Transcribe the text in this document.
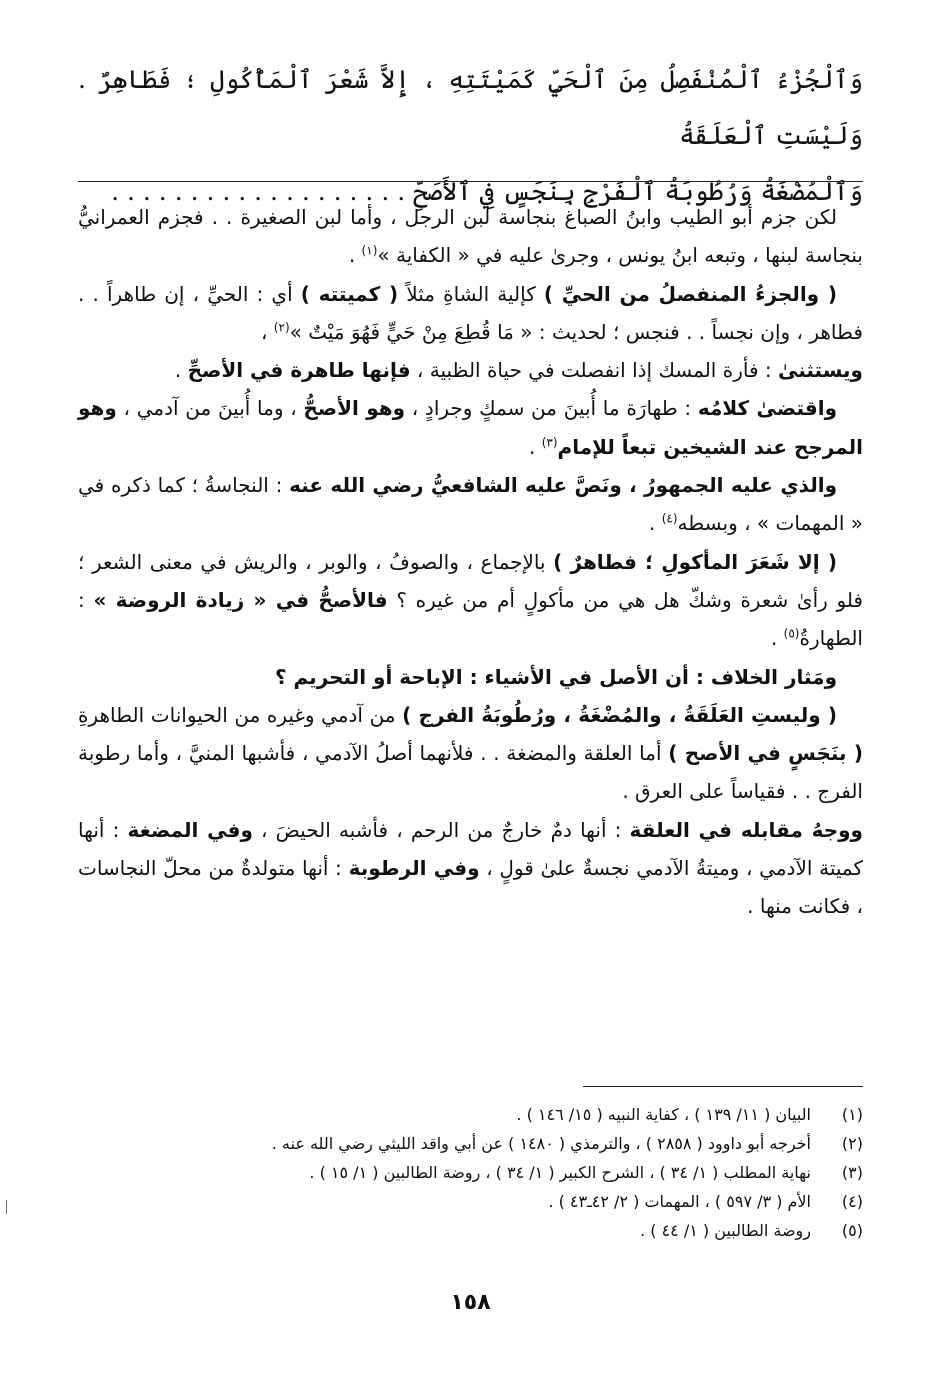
وَٱلْجُزْءُ ٱلْمُنْفَصِلُ مِنَ ٱلْحَيِّ كَمَيْتَتِهِ ، إِلاَّ شَعْرَ ٱلْمَأْكُولِ ؛ فَطَاهِرٌ . وَلَيْسَتِ ٱلْعَلَقَةُ
وَٱلْمُضْغَةُ وَرُطُوبَةُ ٱلْفَرْجِ بِنَجَسٍ فِي ٱلأَصَحِّ . . . . . . . . . . . . . . . . . . .

لكن جزم أبو الطيب وابنُ الصباغ بنجاسة لبن الرجل ، وأما لبن الصغيرة . . فجزم العمرانيُّ بنجاسة لبنها ، وتبعه ابنُ يونس ، وجرىٰ عليه في « الكفاية »$^{(١)}$ .

( والجزءُ المنفصلُ من الحيِّ ) كإلية الشاةِ مثلاً ( كميتته ) أي : الحيِّ ، إن طاهراً . . فطاهر ، وإن نجساً . . فنجس ؛ لحديث : « مَا قُطِعَ مِنْ حَيٍّ فَهُوَ مَيْتٌ »$^{(٢)}$ ،

ويستثنىٰ : فأرة المسك إذا انفصلت في حياة الظبية ، فإنها طاهرة في الأصحِّ .

واقتضىٰ كلامُه : طهارَة ما أُبينَ من سمكٍ وجرادٍ ، وهو الأصحُّ ، وما أُبينَ من آدمي ، وهو المرجح عند الشيخين تبعاً للإمام$^{(٣)}$ .

والذي عليه الجمهورُ ، ونَصَّ عليه الشافعيُّ رضي الله عنه : النجاسةُ ؛ كما ذكره في « المهمات » ، وبسطه$^{(٤)}$ .

( إلا شَعَرَ المأكولِ ؛ فطاهرٌ ) بالإجماع ، والصوفُ ، والوبر ، والريش في معنى الشعر ؛ فلو رأىٰ شعرة وشكّ هل هي من مأكولٍ أم من غيره ؟ فالأصحُّ في « زيادة الروضة » : الطهارةُ$^{(٥)}$ .

ومَثار الخلاف : أن الأصل في الأشياء : الإباحة أو التحريم ؟

( وليستِ العَلَقَةُ ، والمُضْغَةُ ، ورُطُوبَةُ الفرج ) من آدمي وغيره من الحيوانات الطاهرةِ ( بنَجَسٍ في الأصح ) أما العلقة والمضغة . . فلأنهما أصلُ الآدمي ، فأشبها المنيَّ ، وأما رطوبة الفرج . . فقياساً على العرق .

ووجهُ مقابله في العلقة : أنها دمٌ خارجٌ من الرحم ، فأشبه الحيضَ ، وفي المضغة : أنها كميتة الآدمي ، وميتةُ الآدمي نجسةٌ علىٰ قولٍ ، وفي الرطوبة : أنها متولدةٌ من محلّ النجاسات ، فكانت منها .

(١)
البيان ( ١١/ ١٣٩ ) ، كفاية النبيه ( ١٥/ ١٤٦ ) .
(٢)
أخرجه أبو داوود ( ٢٨٥٨ ) ، والترمذي ( ١٤٨٠ ) عن أبي واقد الليثي رضي الله عنه .
(٣)
نهاية المطلب ( ١/ ٣٤ ) ، الشرح الكبير ( ١/ ٣٤ ) ، روضة الطالبين ( ١/ ١٥ ) .
(٤)
الأم ( ٣/ ٥٩٧ ) ، المهمات ( ٢/ ٤٢ـ٤٣ ) .
(٥)
روضة الطالبين ( ١/ ٤٤ ) .
١٥٨
